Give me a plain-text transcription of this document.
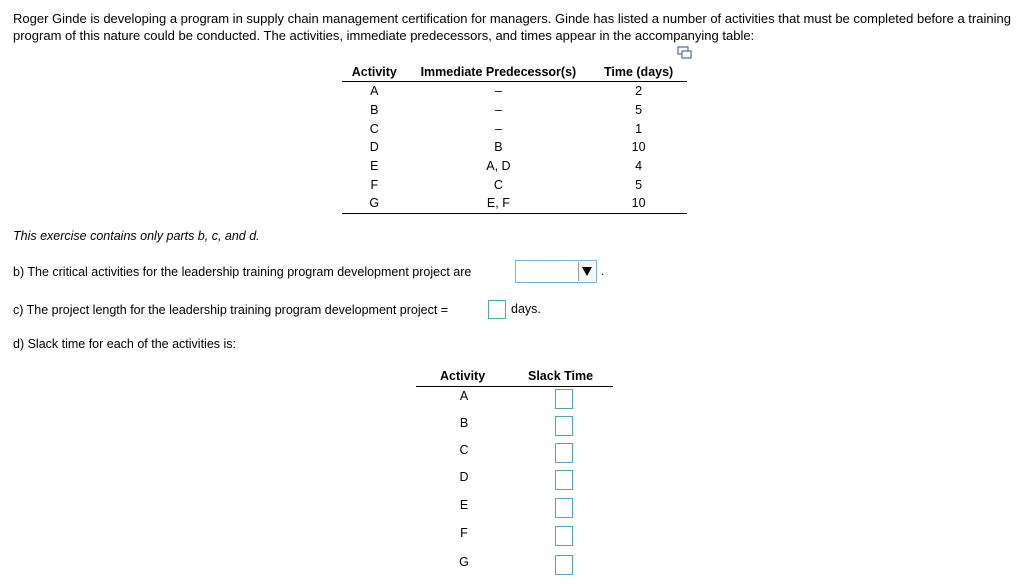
Roger Ginde is developing a program in supply chain management certification for managers. Ginde has listed a number of activities that must be completed before a training program of this nature could be conducted. The activities, immediate predecessors, and times appear in the accompanying table:
Activity	Immediate Predecessor(s)	Time (days)
A	–	2
B	–	5
C	–	1
D	B	10
E	A, D	4
F	C	5
G	E, F	10
This exercise contains only parts b, c, and d.
b) The critical activities for the leadership training program development project are	.
c) The project length for the leadership training program development project =	days.
d) Slack time for each of the activities is:
Activity	Slack Time
A
B
C
D
E
F
G
